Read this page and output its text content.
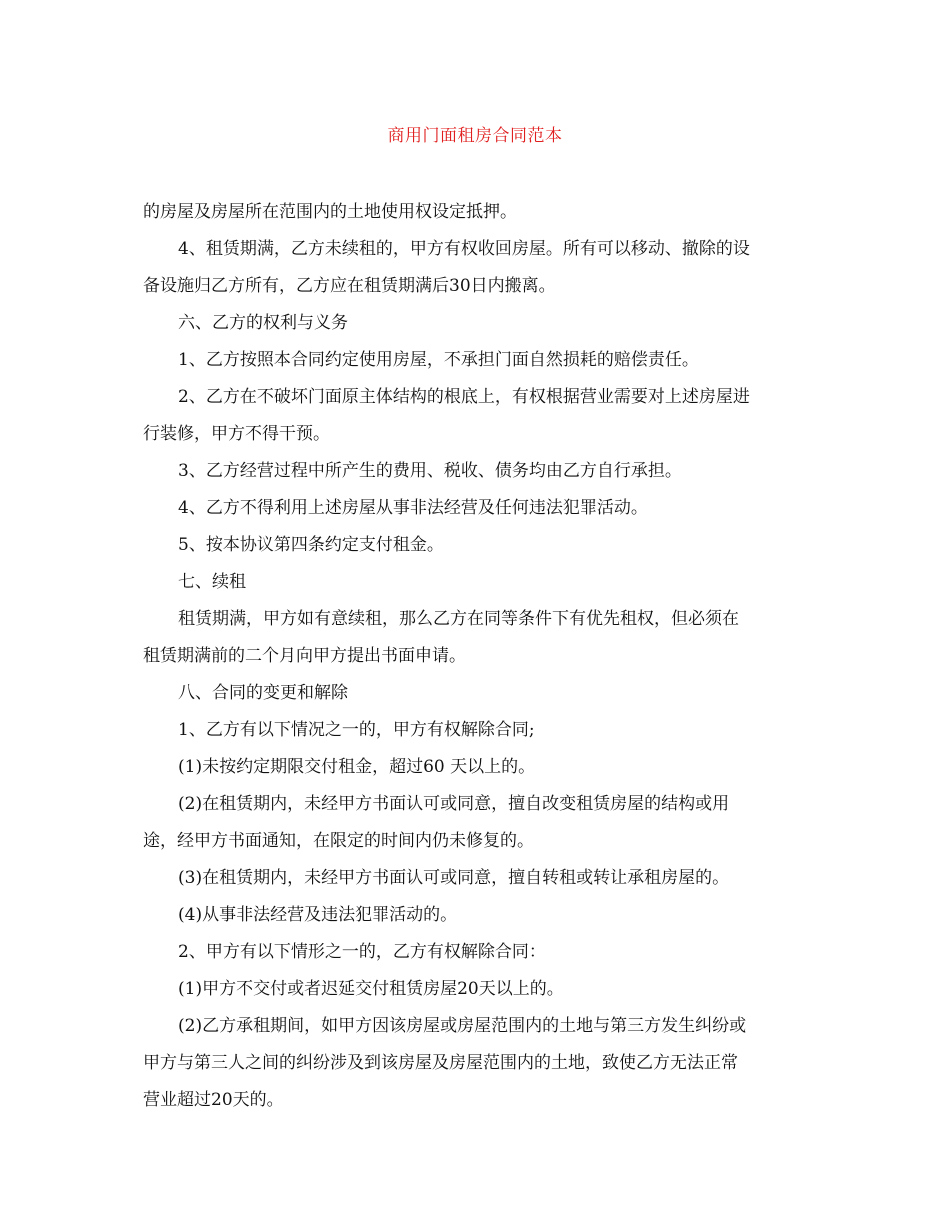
商用门面租房合同范本

的房屋及房屋所在范围内的土地使用权设定抵押。

4、租赁期满，乙方未续租的，甲方有权收回房屋。所有可以移动、撤除的设

备设施归乙方所有，乙方应在租赁期满后30日内搬离。

六、乙方的权利与义务

1、乙方按照本合同约定使用房屋，不承担门面自然损耗的赔偿责任。

2、乙方在不破坏门面原主体结构的根底上，有权根据营业需要对上述房屋进

行装修，甲方不得干预。

3、乙方经营过程中所产生的费用、税收、债务均由乙方自行承担。

4、乙方不得利用上述房屋从事非法经营及任何违法犯罪活动。

5、按本协议第四条约定支付租金。

七、续租

租赁期满，甲方如有意续租，那么乙方在同等条件下有优先租权，但必须在

租赁期满前的二个月向甲方提出书面申请。

八、合同的变更和解除

1、乙方有以下情况之一的，甲方有权解除合同;

(1)未按约定期限交付租金，超过60 天以上的。

(2)在租赁期内，未经甲方书面认可或同意，擅自改变租赁房屋的结构或用

途，经甲方书面通知，在限定的时间内仍未修复的。

(3)在租赁期内，未经甲方书面认可或同意，擅自转租或转让承租房屋的。

(4)从事非法经营及违法犯罪活动的。

2、甲方有以下情形之一的，乙方有权解除合同：

(1)甲方不交付或者迟延交付租赁房屋20天以上的。

(2)乙方承租期间，如甲方因该房屋或房屋范围内的土地与第三方发生纠纷或

甲方与第三人之间的纠纷涉及到该房屋及房屋范围内的土地，致使乙方无法正常

营业超过20天的。
